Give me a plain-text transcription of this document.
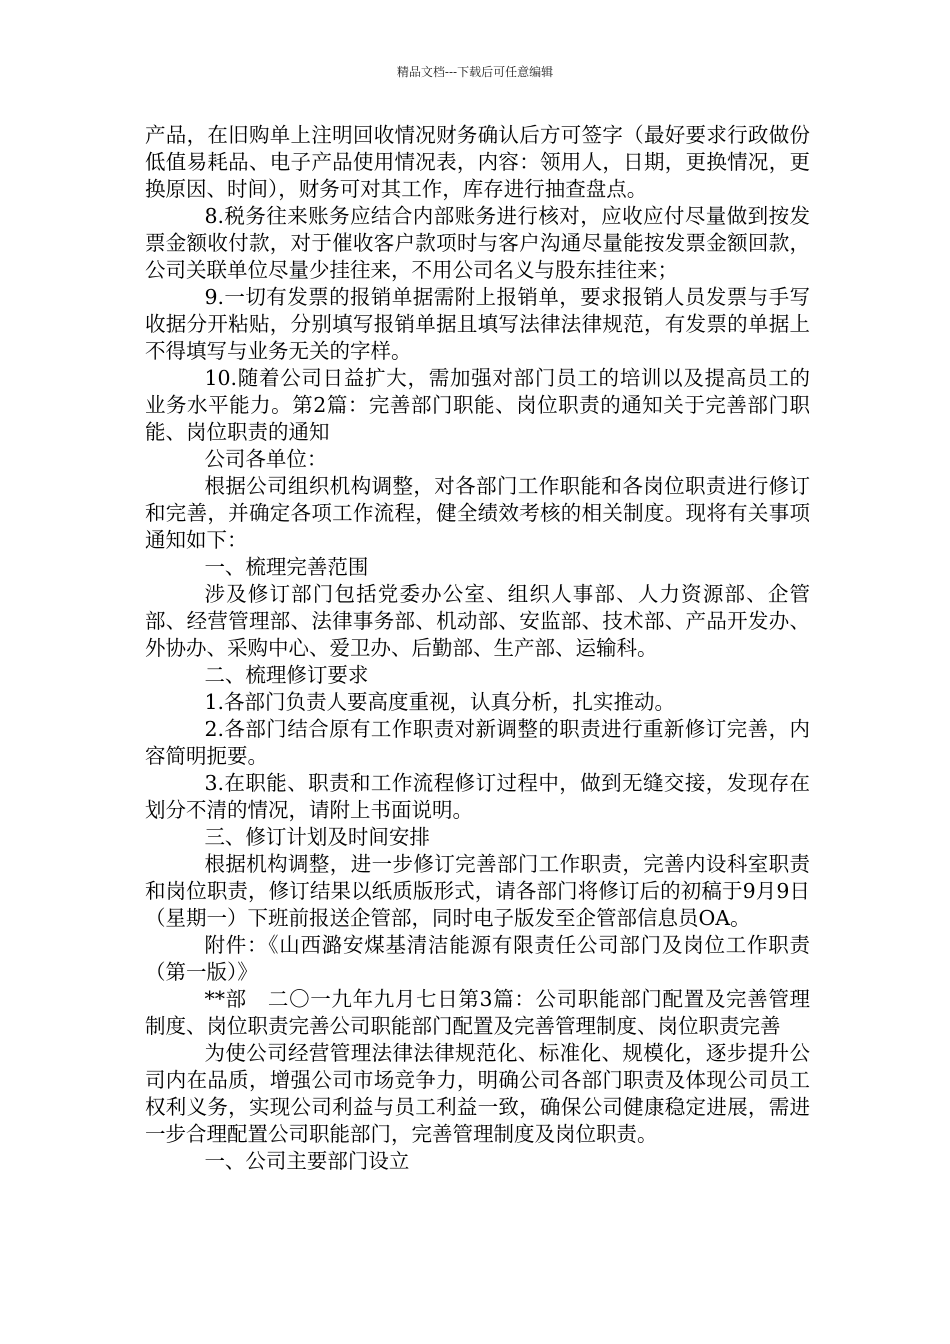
精品文档---下载后可任意编辑

产品，在旧购单上注明回收情况财务确认后方可签字（最好要求行政做份低值易耗品、电子产品使用情况表，内容：领用人，日期，更换情况，更换原因、时间），财务可对其工作，库存进行抽查盘点。

8.税务往来账务应结合内部账务进行核对，应收应付尽量做到按发票金额收付款，对于催收客户款项时与客户沟通尽量能按发票金额回款，公司关联单位尽量少挂往来，不用公司名义与股东挂往来；

9.一切有发票的报销单据需附上报销单，要求报销人员发票与手写收据分开粘贴，分别填写报销单据且填写法律法律规范，有发票的单据上不得填写与业务无关的字样。

10.随着公司日益扩大，需加强对部门员工的培训以及提高员工的业务水平能力。第2篇：完善部门职能、岗位职责的通知关于完善部门职能、岗位职责的通知

公司各单位：

根据公司组织机构调整，对各部门工作职能和各岗位职责进行修订和完善，并确定各项工作流程，健全绩效考核的相关制度。现将有关事项通知如下：

一、梳理完善范围

涉及修订部门包括党委办公室、组织人事部、人力资源部、企管部、经营管理部、法律事务部、机动部、安监部、技术部、产品开发办、外协办、采购中心、爱卫办、后勤部、生产部、运输科。

二、梳理修订要求

1.各部门负责人要高度重视，认真分析，扎实推动。

2.各部门结合原有工作职责对新调整的职责进行重新修订完善，内容简明扼要。

3.在职能、职责和工作流程修订过程中，做到无缝交接，发现存在划分不清的情况，请附上书面说明。

三、修订计划及时间安排

根据机构调整，进一步修订完善部门工作职责，完善内设科室职责和岗位职责，修订结果以纸质版形式，请各部门将修订后的初稿于9月9日（星期一）下班前报送企管部，同时电子版发至企管部信息员OA。

附件：《山西潞安煤基清洁能源有限责任公司部门及岗位工作职责（第一版）》

**部　二〇一九年九月七日第3篇：公司职能部门配置及完善管理制度、岗位职责完善公司职能部门配置及完善管理制度、岗位职责完善

为使公司经营管理法律法律规范化、标准化、规模化，逐步提升公司内在品质，增强公司市场竞争力，明确公司各部门职责及体现公司员工权利义务，实现公司利益与员工利益一致，确保公司健康稳定进展，需进一步合理配置公司职能部门，完善管理制度及岗位职责。

一、公司主要部门设立
